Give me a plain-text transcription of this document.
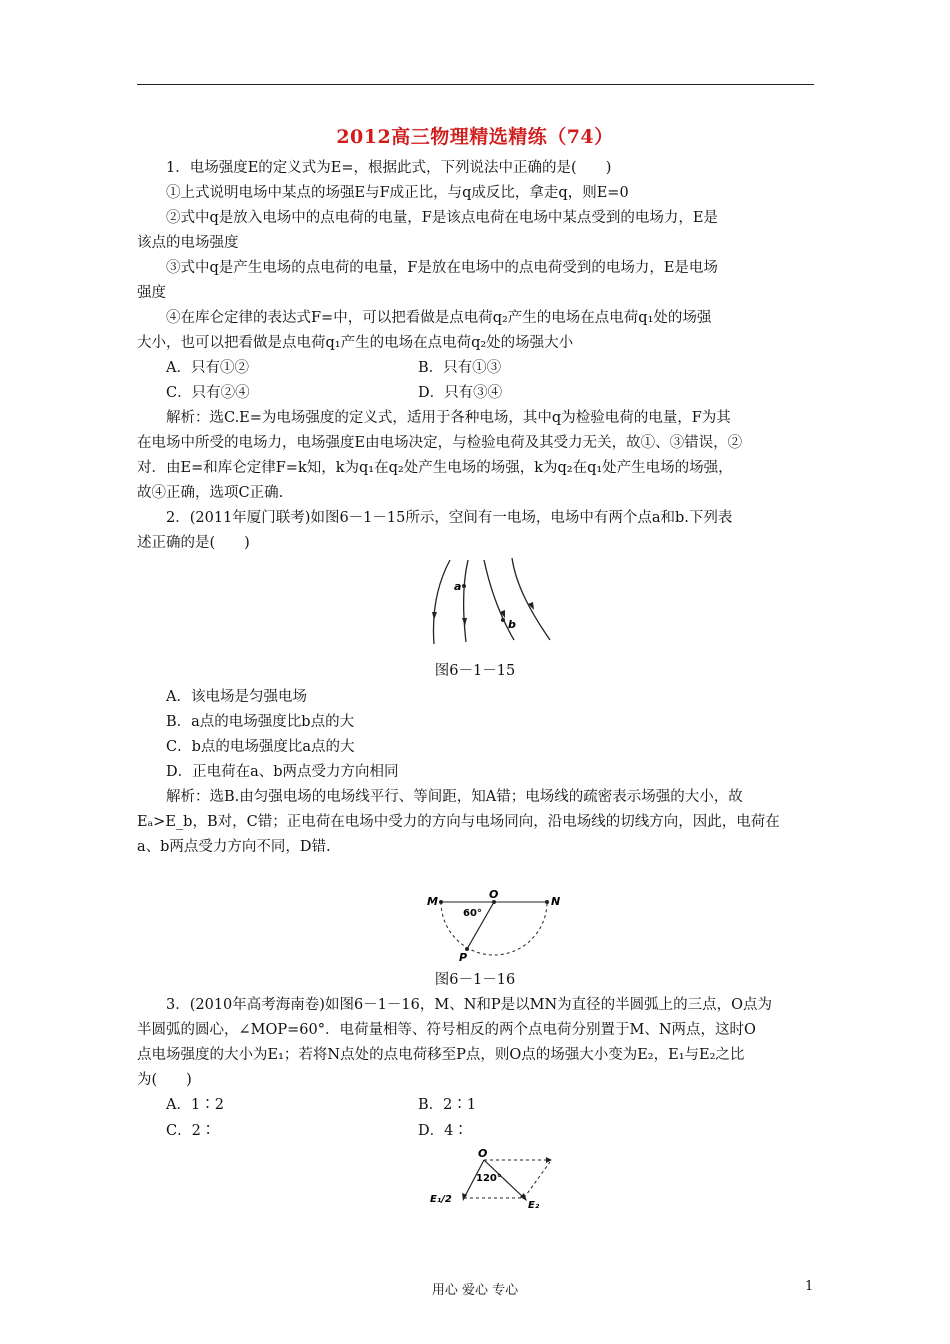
2012高三物理精选精练（74）
1．电场强度E的定义式为E=，根据此式，下列说法中正确的是(　　)
①上式说明电场中某点的场强E与F成正比，与q成反比，拿走q，则E=0
②式中q是放入电场中的点电荷的电量，F是该点电荷在电场中某点受到的电场力，E是
该点的电场强度
③式中q是产生电场的点电荷的电量，F是放在电场中的点电荷受到的电场力，E是电场
强度
④在库仑定律的表达式F=中，可以把看做是点电荷q₂产生的电场在点电荷q₁处的场强
大小，也可以把看做是点电荷q₁产生的电场在点电荷q₂处的场强大小
A．只有①②	B．只有①③
C．只有②④	D．只有③④
解析：选C.E=为电场强度的定义式，适用于各种电场，其中q为检验电荷的电量，F为其
在电场中所受的电场力，电场强度E由电场决定，与检验电荷及其受力无关，故①、③错误，②
对．由E=和库仑定律F=k知，k为q₁在q₂处产生电场的场强，k为q₂在q₁处产生电场的场强，
故④正确，选项C正确.
2．(2011年厦门联考)如图6－1－15所示，空间有一电场，电场中有两个点a和b.下列表
述正确的是(　　)
a
b
图6－1－15
A．该电场是匀强电场
B．a点的电场强度比b点的大
C．b点的电场强度比a点的大
D．正电荷在a、b两点受力方向相同
解析：选B.由匀强电场的电场线平行、等间距，知A错；电场线的疏密表示场强的大小，故
Eₐ>E_b，B对，C错；正电荷在电场中受力的方向与电场同向，沿电场线的切线方向，因此，电荷在
a、b两点受力方向不同，D错.
M
O
N
P
60°
图6－1－16
3．(2010年高考海南卷)如图6－1－16，M、N和P是以MN为直径的半圆弧上的三点，O点为
半圆弧的圆心，∠MOP=60°．电荷量相等、符号相反的两个点电荷分别置于M、N两点，这时O
点电场强度的大小为E₁；若将N点处的点电荷移至P点，则O点的场强大小变为E₂，E₁与E₂之比
为(　　)
A．1∶2	B．2∶1
C．2∶	D．4∶
O
120°
E₁/2
E₂
用心 爱心 专心	1
